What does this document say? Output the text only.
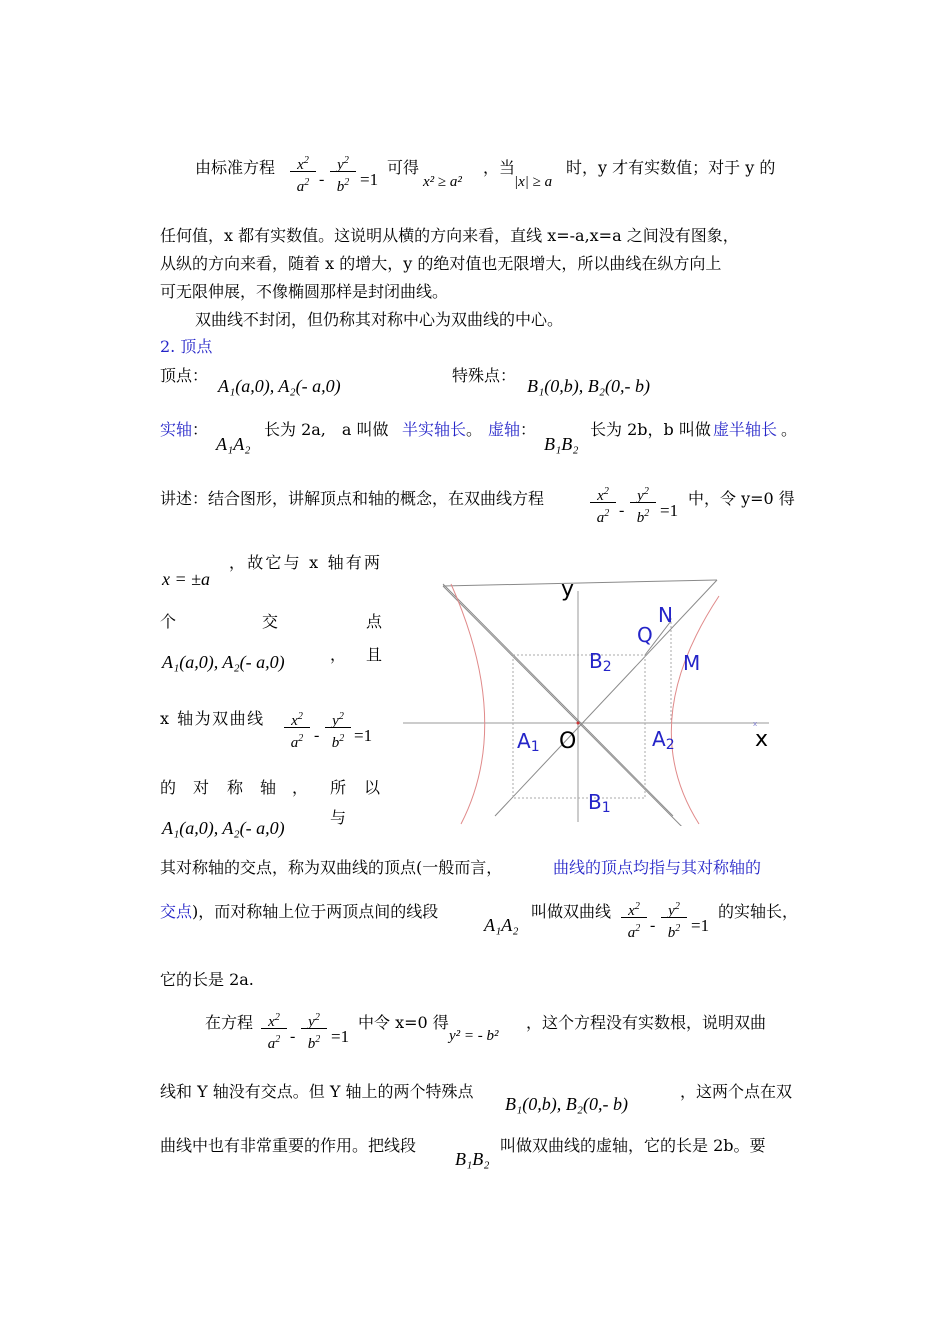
由标准方程	$x^2$
$a^2$ -
$y^2$
$b^2 =1$
可得
x² ≥ a²
，当
|x| ≥ a
时，y 才有实数值；对于 y 的
任何值，x 都有实数值。这说明从横的方向来看，直线 x=-a,x=a 之间没有图象，
从纵的方向来看，随着 x 的增大，y 的绝对值也无限增大，所以曲线在纵方向上
可无限伸展，不像椭圆那样是封闭曲线。
双曲线不封闭，但仍称其对称中心为双曲线的中心。
2. 顶点
顶点：
A₁(a,0), A₂(- a,0)
特殊点：
B₁(0,b), B₂(0,- b)
实轴 ：
A₁A₂
长为 2a,　a 叫做 半实轴长 。 虚轴 ：
B₁B₂
长为 2b，b 叫做 虚半轴长 。
讲述：结合图形，讲解顶点和轴的概念，在双曲线方程	$x^2$
$a^2$ -
$y^2$
$b^2 =1$
中，令 y=0 得
，故它与 x 轴有两
x = ±a
个	交	点
A₁(a,0), A₂(- a,0)	， 且
x 轴为双曲线	$x^2$
$a^2$ -
$y^2$
$b^2 =1$
的 对 称 轴 ， 所 以
A₁(a,0), A₂(- a,0)
与
y
x
O
N
Q
M
B2
B1
A1	A2
x
其对称轴的交点，称为双曲线的顶点(一般而言，	曲线的顶点均指与其对称轴的
交点 )，而对称轴上位于两顶点间的线段
A₁A₂
叫做双曲线	$x^2$
$a^2$ -
$y^2$
$b^2 =1$
的实轴长，
它的长是 2a.
在方程	$x^2$
$a^2$ -
$y^2$
$b^2 =1$
中令 x=0 得
y² = - b²
，这个方程没有实数根，说明双曲
线和 Y 轴没有交点。但 Y 轴上的两个特殊点
B₁(0,b), B₂(0,- b)
，这两个点在双
曲线中也有非常重要的作用。把线段
B₁B₂
叫做双曲线的虚轴，它的长是 2b。要
